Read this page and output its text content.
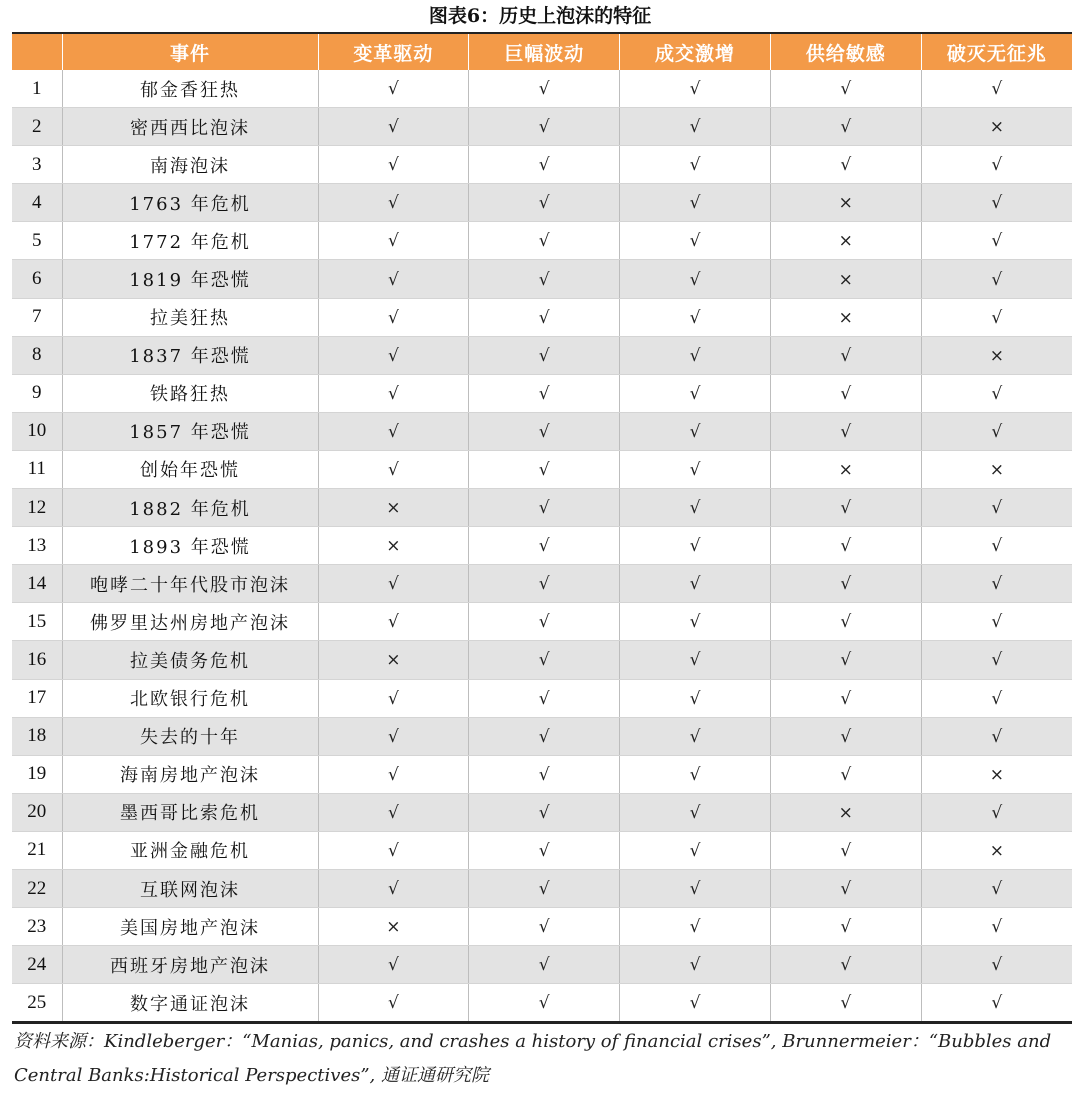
图表6：历史上泡沫的特征
	事件	变革驱动	巨幅波动	成交激增	供给敏感	破灭无征兆
1	郁金香狂热	√	√	√	√	√
2	密西西比泡沫	√	√	√	√	×
3	南海泡沫	√	√	√	√	√
4	1763 年危机	√	√	√	×	√
5	1772 年危机	√	√	√	×	√
6	1819 年恐慌	√	√	√	×	√
7	拉美狂热	√	√	√	×	√
8	1837 年恐慌	√	√	√	√	×
9	铁路狂热	√	√	√	√	√
10	1857 年恐慌	√	√	√	√	√
11	创始年恐慌	√	√	√	×	×
12	1882 年危机	×	√	√	√	√
13	1893 年恐慌	×	√	√	√	√
14	咆哮二十年代股市泡沫	√	√	√	√	√
15	佛罗里达州房地产泡沫	√	√	√	√	√
16	拉美债务危机	×	√	√	√	√
17	北欧银行危机	√	√	√	√	√
18	失去的十年	√	√	√	√	√
19	海南房地产泡沫	√	√	√	√	×
20	墨西哥比索危机	√	√	√	×	√
21	亚洲金融危机	√	√	√	√	×
22	互联网泡沫	√	√	√	√	√
23	美国房地产泡沫	×	√	√	√	√
24	西班牙房地产泡沫	√	√	√	√	√
25	数字通证泡沫	√	√	√	√	√
资料来源：Kindleberger：“Manias, panics, and crashes a history of financial crises”, Brunnermeier：“Bubbles and
Central Banks:Historical Perspectives”, 通证通研究院
